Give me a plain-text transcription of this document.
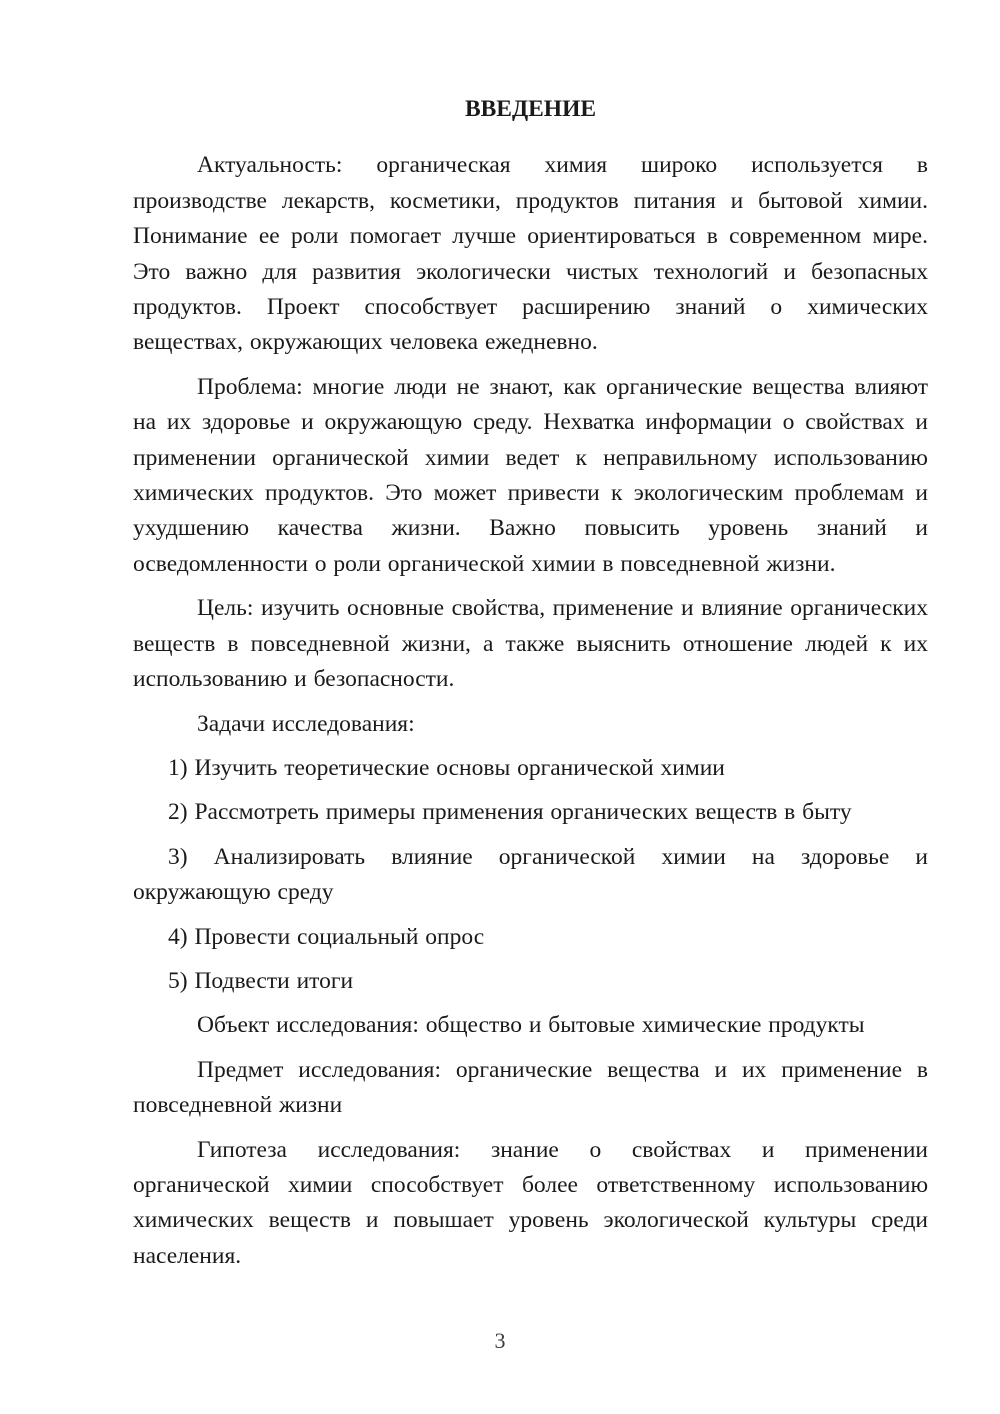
ВВЕДЕНИЕ

Актуальность: органическая химия широко используется в производстве лекарств, косметики, продуктов питания и бытовой химии. Понимание ее роли помогает лучше ориентироваться в современном мире. Это важно для развития экологически чистых технологий и безопасных продуктов. Проект способствует расширению знаний о химических веществах, окружающих человека ежедневно.

Проблема: многие люди не знают, как органические вещества влияют на их здоровье и окружающую среду. Нехватка информации о свойствах и применении органической химии ведет к неправильному использованию химических продуктов. Это может привести к экологическим проблемам и ухудшению качества жизни. Важно повысить уровень знаний и осведомленности о роли органической химии в повседневной жизни.

Цель: изучить основные свойства, применение и влияние органических веществ в повседневной жизни, а также выяснить отношение людей к их использованию и безопасности.

Задачи исследования:

1) Изучить теоретические основы органической химии

2) Рассмотреть примеры применения органических веществ в быту

3) Анализировать влияние органической химии на здоровье и окружающую среду

4) Провести социальный опрос

5) Подвести итоги

Объект исследования: общество и бытовые химические продукты

Предмет исследования: органические вещества и их применение в повседневной жизни

Гипотеза исследования: знание о свойствах и применении органической химии способствует более ответственному использованию химических веществ и повышает уровень экологической культуры среди населения.

3
